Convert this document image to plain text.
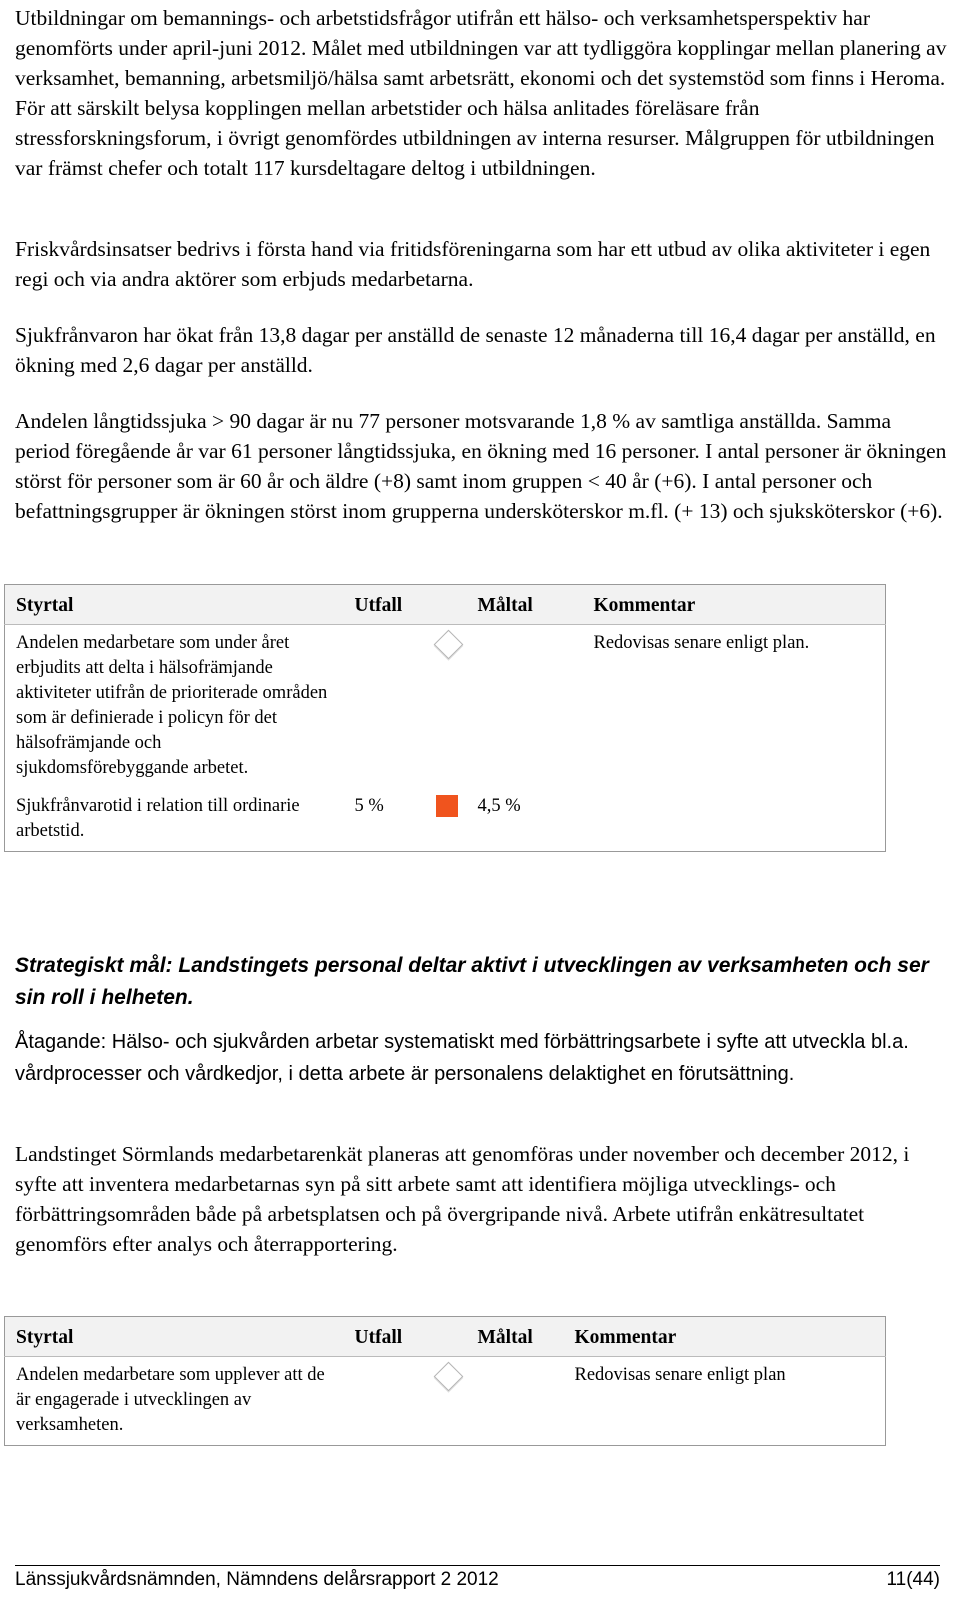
Utbildningar om bemannings- och arbetstidsfrågor utifrån ett hälso- och verksamhetsperspektiv har genomförts under april-juni 2012. Målet med utbildningen var att tydliggöra kopplingar mellan planering av verksamhet, bemanning, arbetsmiljö/hälsa samt arbetsrätt, ekonomi och det systemstöd som finns i Heroma. För att särskilt belysa kopplingen mellan arbetstider och hälsa anlitades föreläsare från stressforskningsforum, i övrigt genomfördes utbildningen av interna resurser. Målgruppen för utbildningen var främst chefer och totalt 117 kursdeltagare deltog i utbildningen.

Friskvårdsinsatser bedrivs i första hand via fritidsföreningarna som har ett utbud av olika aktiviteter i egen regi och via andra aktörer som erbjuds medarbetarna.

Sjukfrånvaron har ökat från 13,8 dagar per anställd de senaste 12 månaderna till 16,4 dagar per anställd, en ökning med 2,6 dagar per anställd.

Andelen långtidssjuka > 90 dagar är nu 77 personer motsvarande 1,8 % av samtliga anställda. Samma period föregående år var 61 personer långtidssjuka, en ökning med 16 personer. I antal personer är ökningen störst för personer som är 60 år och äldre (+8) samt inom gruppen < 40 år (+6). I antal personer och befattningsgrupper är ökningen störst inom grupperna undersköterskor m.fl. (+ 13) och sjuksköterskor (+6).

Styrtal	Utfall		Måltal	Kommentar
Andelen medarbetare som under året erbjudits att delta i hälsofrämjande aktiviteter utifrån de prioriterade områden som är definierade i policyn för det hälsofrämjande och sjukdomsförebyggande arbetet.				Redovisas senare enligt plan.
Sjukfrånvarotid i relation till ordinarie arbetstid.	5 %		4,5 %	

Strategiskt mål: Landstingets personal deltar aktivt i utvecklingen av verksamheten och ser sin roll i helheten.

Åtagande: Hälso- och sjukvården arbetar systematiskt med förbättringsarbete i syfte att utveckla bl.a. vårdprocesser och vårdkedjor, i detta arbete är personalens delaktighet en förutsättning.

Landstinget Sörmlands medarbetarenkät planeras att genomföras under november och december 2012, i syfte att inventera medarbetarnas syn på sitt arbete samt att identifiera möjliga utvecklings- och förbättringsområden både på arbetsplatsen och på övergripande nivå. Arbete utifrån enkätresultatet genomförs efter analys och återrapportering.

Styrtal	Utfall		Måltal	Kommentar
Andelen medarbetare som upplever att de är engagerade i utvecklingen av verksamheten.				Redovisas senare enligt plan
Länssjukvårdsnämnden, Nämndens delårsrapport 2 2012	11(44)
